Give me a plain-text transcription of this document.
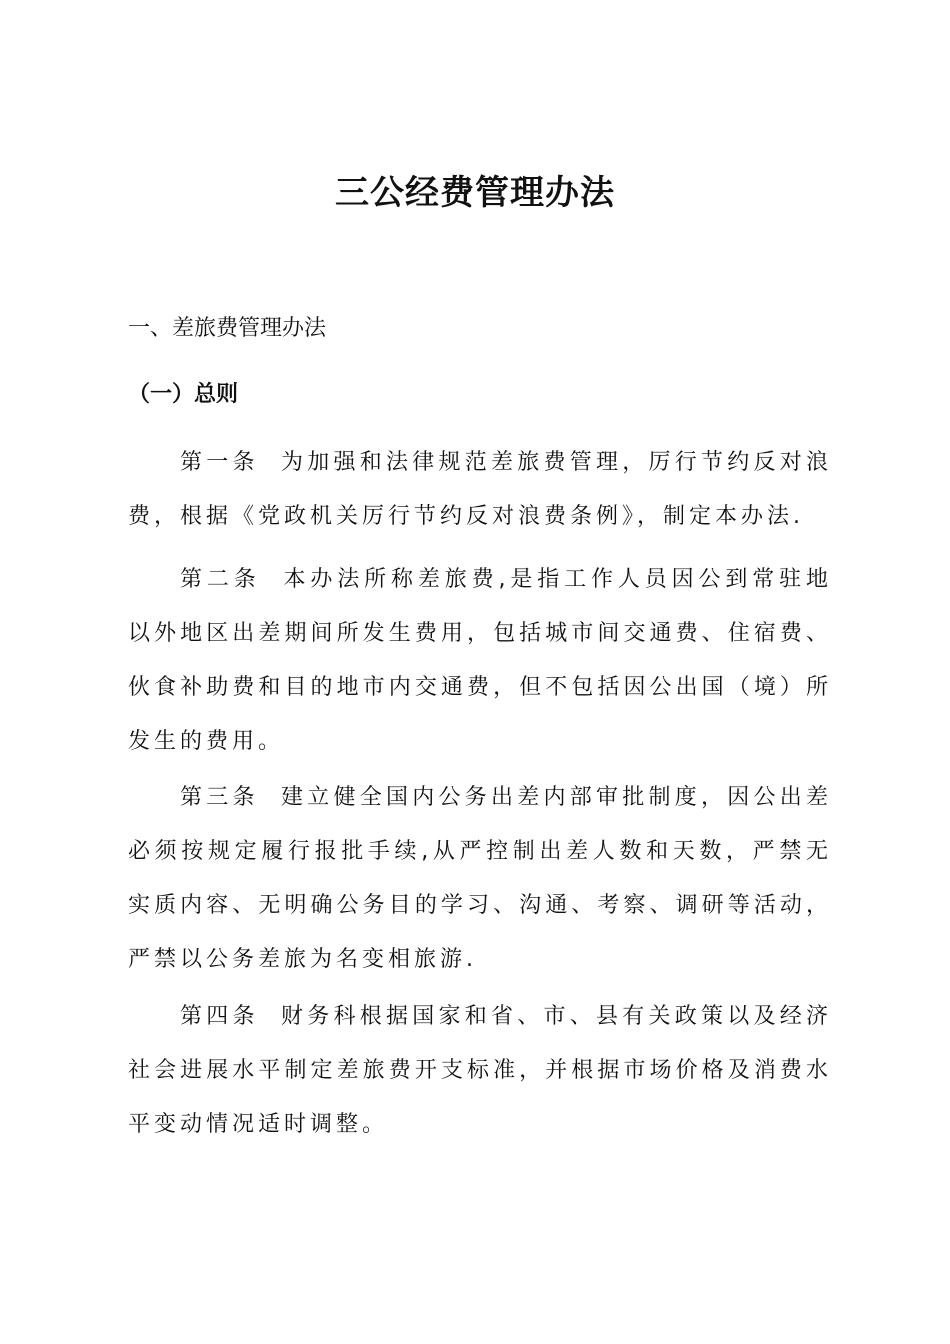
三公经费管理办法
一、差旅费管理办法
（一）总则

第一条 为加强和法律规范差旅费管理，厉行节约反对浪费，根据《党政机关厉行节约反对浪费条例》，制定本办法.

第二条 本办法所称差旅费,是指工作人员因公到常驻地以外地区出差期间所发生费用，包括城市间交通费、住宿费、伙食补助费和目的地市内交通费，但不包括因公出国（境）所发生的费用。

第三条 建立健全国内公务出差内部审批制度，因公出差必须按规定履行报批手续,从严控制出差人数和天数，严禁无实质内容、无明确公务目的学习、沟通、考察、调研等活动，严禁以公务差旅为名变相旅游.

第四条 财务科根据国家和省、市、县有关政策以及经济社会进展水平制定差旅费开支标准，并根据市场价格及消费水平变动情况适时调整。
